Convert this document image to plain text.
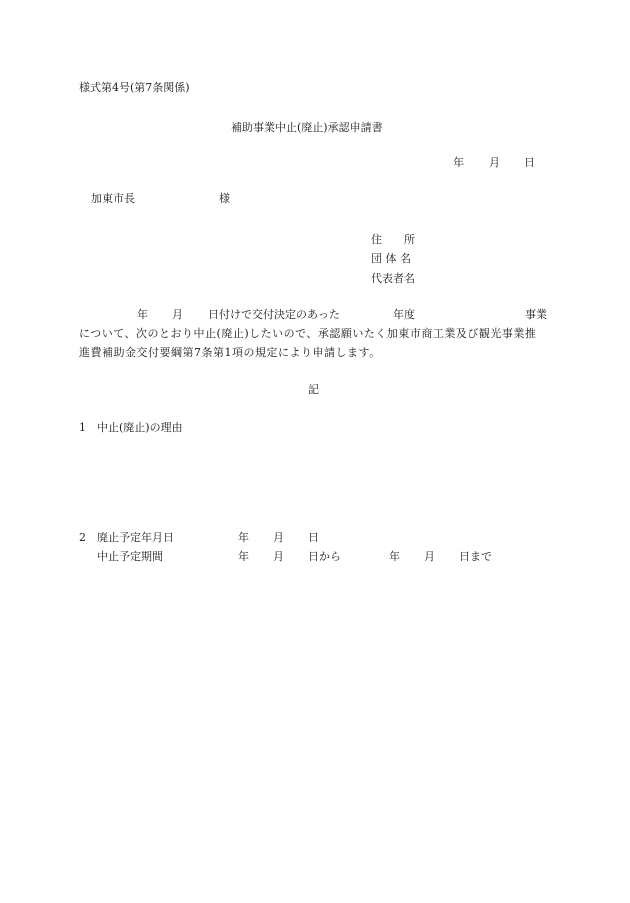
様式第4号(第7条関係)
補助事業中止(廃止)承認申請書
年 月 日
加東市長	様
住　　所
団 体 名
代表者名
年 月 日付けで交付決定のあった	年度	事業
について、次のとおり中止(廃止)したいので、承認願いたく加東市商工業及び観光事業推
進費補助金交付要綱第7条第1項の規定により申請します。
記
1 中止(廃止)の理由
2 廃止予定年月日	年 月 日
中止予定期間	年 月 日から	年 月 日まで
